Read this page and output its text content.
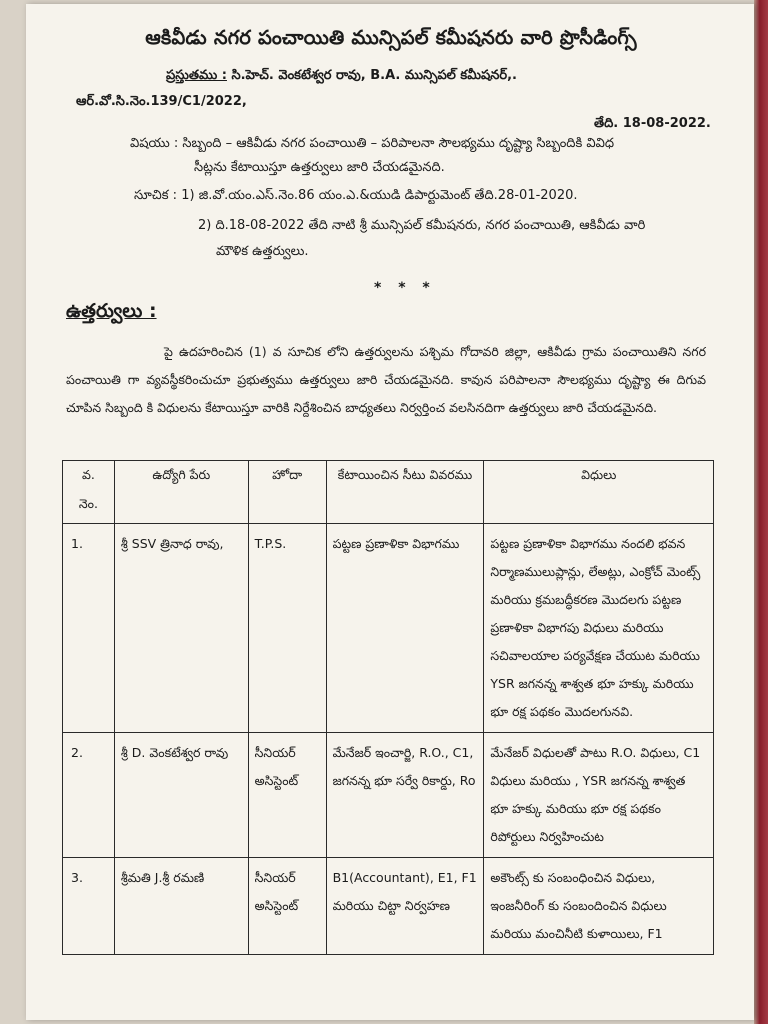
ఆకివీడు నగర పంచాయితి మున్సిపల్ కమీషనరు వారి ప్రొసీడింగ్స్
ప్రస్తుతము : సి.హెచ్. వెంకటేశ్వర రావు, B.A. మున్సిపల్ కమీషనర్,.
ఆర్.వో.సి.నెం.139/C1/2022,
తేది. 18-08-2022.
విషయు : సిబ్బంది – ఆకివీడు నగర పంచాయితి – పరిపాలనా సౌలభ్యము దృష్ట్యా సిబ్బందికి వివిధ
సీట్లను కేటాయిస్తూ ఉత్తర్వులు జారి చేయడమైనది.
సూచిక : 1) జి.వో.యం.ఎస్.నెం.86 యం.ఎ.&యుడి డిపార్టుమెంట్ తేది.28-01-2020.
2) ది.18-08-2022 తేది నాటి శ్రీ మున్సిపల్ కమీషనరు, నగర పంచాయితి, ఆకివీడు వారి
మౌళిక ఉత్తర్వులు.
* * *
ఉత్తర్వులు :
పై ఉదహరించిన (1) వ సూచిక లోని ఉత్తర్వులను పశ్చిమ గోదావరి జిల్లా, ఆకివీడు గ్రామ పంచాయితిని నగర పంచాయితి గా వ్యవస్థీకరించుచూ ప్రభుత్వము ఉత్తర్వులు జారి చేయడమైనది. కావున పరిపాలనా సౌలభ్యము దృష్ట్యా ఈ దిగువ చూపిన సిబ్బంది కి విధులను కేటాయిస్తూ వారికి నిర్దేశించిన బాధ్యతలు నిర్వర్తించ వలసినదిగా ఉత్తర్వులు జారి చేయడమైనది.
వ.
నెం.	ఉద్యోగి పేరు	హోదా	కేటాయించిన సీటు వివరము	విధులు
1.	శ్రీ SSV త్రినాధ రావు,	T.P.S.	పట్టణ ప్రణాళికా విభాగము	పట్టణ ప్రణాళికా విభాగము నందలి భవన నిర్మాణములుప్లాన్లు, లేఅట్లు, ఎంక్రోచ్ మెంట్స్ మరియు క్రమబద్ధీకరణ మొదలగు పట్టణ ప్రణాళికా విభాగపు విధులు మరియు సచివాలయాల పర్యవేక్షణ చేయుట మరియు YSR జగనన్న శాశ్వత భూ హక్కు మరియు భూ రక్ష పథకం మొదలగునవి.
2.	శ్రీ D. వెంకటేశ్వర రావు	సీనియర్ అసిస్టెంట్	మేనేజర్ ఇంచార్జి, R.O., C1, జగనన్న భూ సర్వే రికార్డు, Ro	మేనేజర్ విధులతో పాటు R.O. విధులు, C1 విధులు మరియు , YSR జగనన్న శాశ్వత భూ హక్కు మరియు భూ రక్ష పథకం రిపోర్టులు నిర్వహించుట
3.	శ్రీమతి J.శ్రీ రమణి	సీనియర్ అసిస్టెంట్	B1(Accountant), E1, F1 మరియు చిట్టా నిర్వహణ	అకౌంట్స్ కు సంబంధించిన విధులు, ఇంజనీరింగ్ కు సంబందించిన విధులు మరియు మంచినీటి కుళాయిలు, F1
